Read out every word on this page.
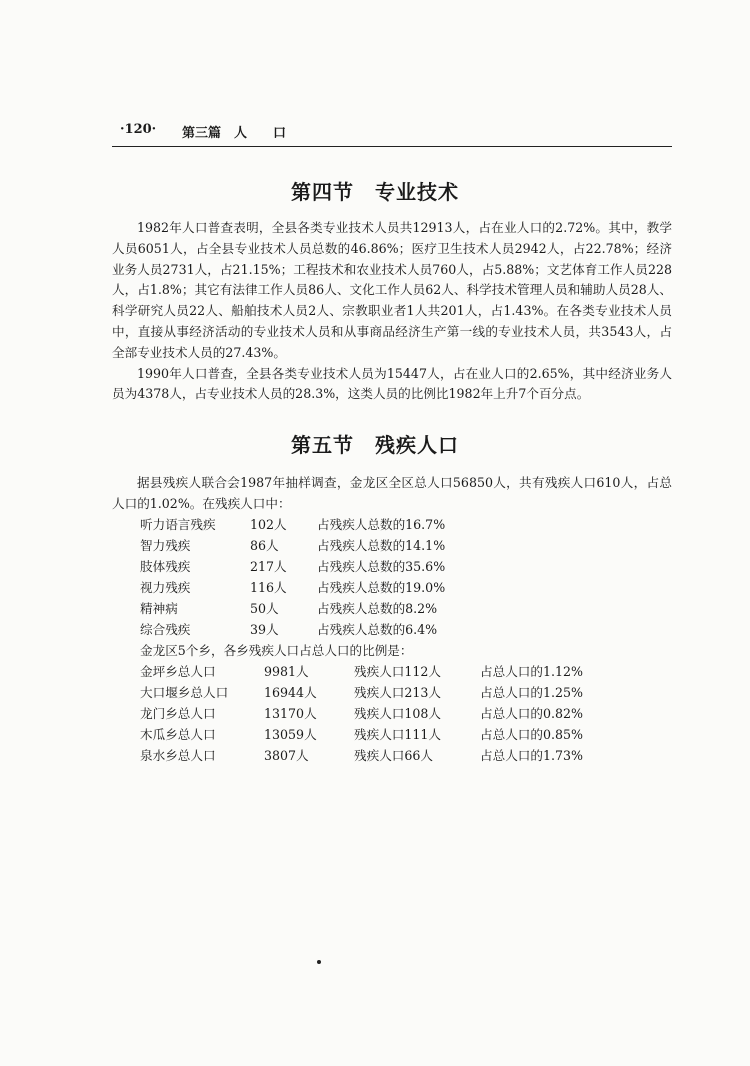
·120· 第三篇　人　　口
第四节　专业技术

1982年人口普查表明，全县各类专业技术人员共12913人，占在业人口的2.72%。其中，教学人员6051人，占全县专业技术人员总数的46.86%；医疗卫生技术人员2942人，占22.78%；经济业务人员2731人，占21.15%；工程技术和农业技术人员760人，占5.88%；文艺体育工作人员228人，占1.8%；其它有法律工作人员86人、文化工作人员62人、科学技术管理人员和辅助人员28人、科学研究人员22人、船舶技术人员2人、宗教职业者1人共201人，占1.43%。在各类专业技术人员中，直接从事经济活动的专业技术人员和从事商品经济生产第一线的专业技术人员，共3543人，占全部专业技术人员的27.43%。

1990年人口普查，全县各类专业技术人员为15447人，占在业人口的2.65%，其中经济业务人员为4378人，占专业技术人员的28.3%，这类人员的比例比1982年上升7个百分点。

第五节　残疾人口

据县残疾人联合会1987年抽样调查，金龙区全区总人口56850人，共有残疾人口610人，占总人口的1.02%。在残疾人口中：

听力语言残疾	102人 占残疾人总数的16.7%
智力残疾	86人	占残疾人总数的14.1%
肢体残疾	217人 占残疾人总数的35.6%
视力残疾	116人 占残疾人总数的19.0%
精神病	50人	占残疾人总数的8.2%
综合残疾	39人	占残疾人总数的6.4%
金龙区5个乡，各乡残疾人口占总人口的比例是：
金坪乡总人口	9981人	残疾人口112人	占总人口的1.12%
大口堰乡总人口	16944人	残疾人口213人	占总人口的1.25%
龙门乡总人口	13170人	残疾人口108人	占总人口的0.82%
木瓜乡总人口	13059人	残疾人口111人	占总人口的0.85%
泉水乡总人口	3807人	残疾人口66人	占总人口的1.73%
